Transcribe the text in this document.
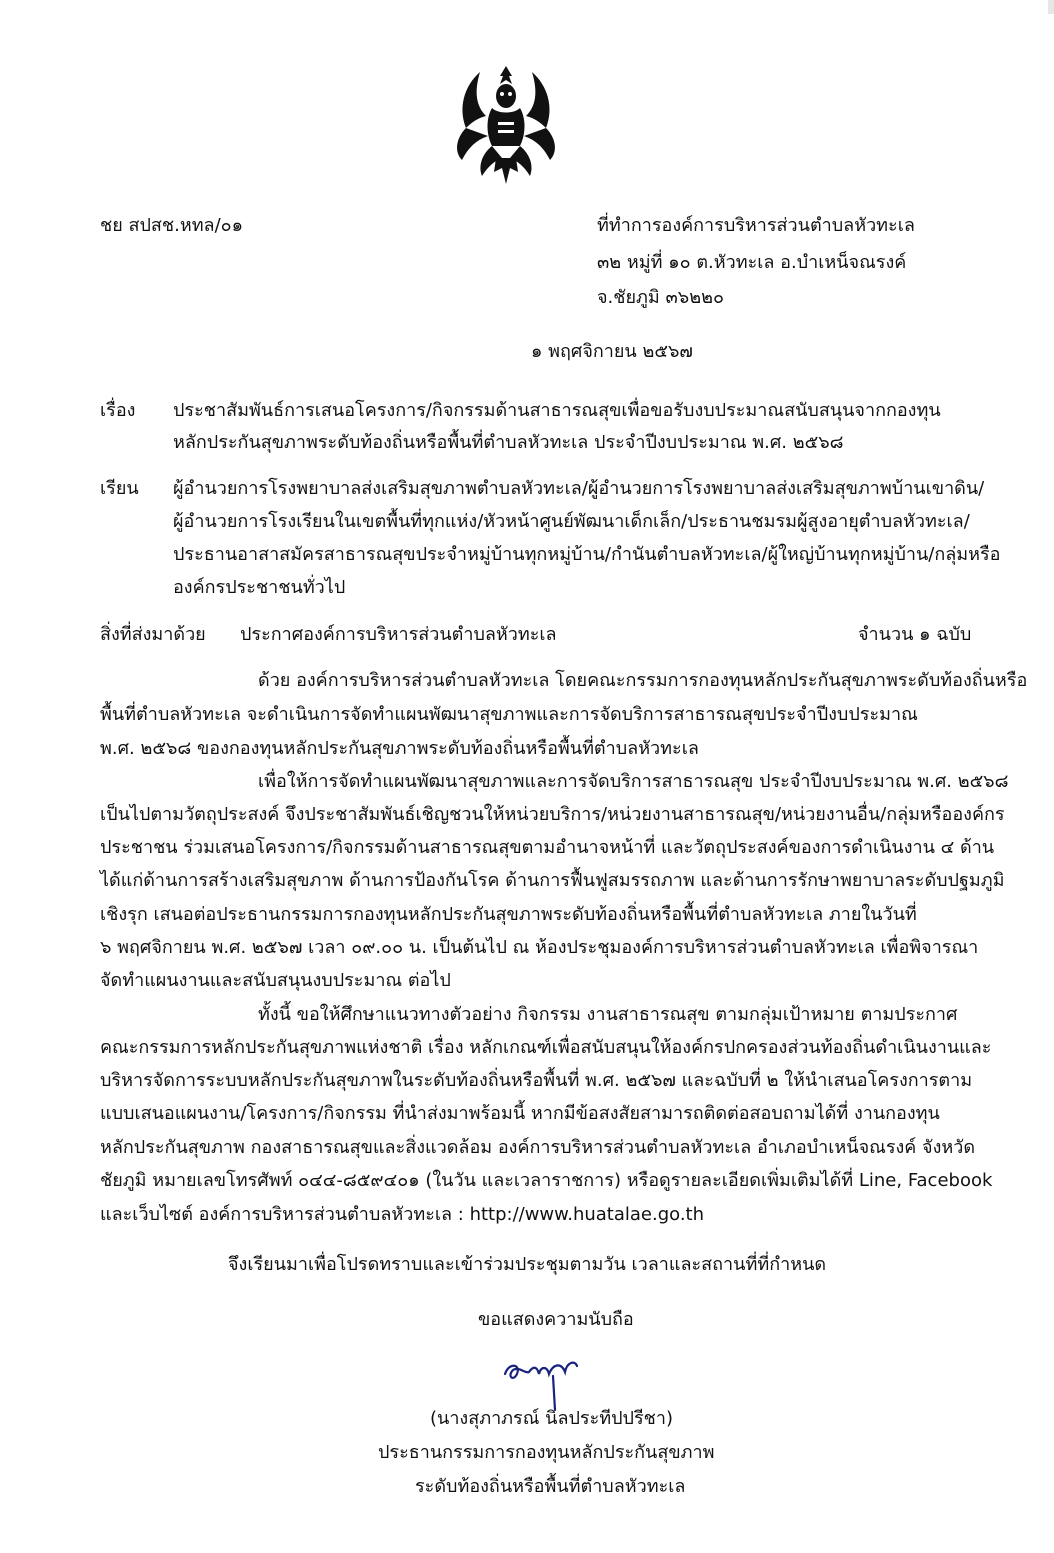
ชย สปสช.หทล/๐๑	ที่ทำการองค์การบริหารส่วนตำบลหัวทะเล
๓๒ หมู่ที่ ๑๐ ต.หัวทะเล อ.บำเหน็จณรงค์
จ.ชัยภูมิ ๓๖๒๒๐
๑ พฤศจิกายน ๒๕๖๗
เรื่อง ประชาสัมพันธ์การเสนอโครงการ/กิจกรรมด้านสาธารณสุขเพื่อขอรับงบประมาณสนับสนุนจากกองทุน
หลักประกันสุขภาพระดับท้องถิ่นหรือพื้นที่ตำบลหัวทะเล ประจำปีงบประมาณ พ.ศ. ๒๕๖๘
เรียน ผู้อำนวยการโรงพยาบาลส่งเสริมสุขภาพตำบลหัวทะเล/ผู้อำนวยการโรงพยาบาลส่งเสริมสุขภาพบ้านเขาดิน/
ผู้อำนวยการโรงเรียนในเขตพื้นที่ทุกแห่ง/หัวหน้าศูนย์พัฒนาเด็กเล็ก/ประธานชมรมผู้สูงอายุตำบลหัวทะเล/
ประธานอาสาสมัครสาธารณสุขประจำหมู่บ้านทุกหมู่บ้าน/กำนันตำบลหัวทะเล/ผู้ใหญ่บ้านทุกหมู่บ้าน/กลุ่มหรือ
องค์กรประชาชนทั่วไป
สิ่งที่ส่งมาด้วย ประกาศองค์การบริหารส่วนตำบลหัวทะเล	จำนวน ๑ ฉบับ
ด้วย องค์การบริหารส่วนตำบลหัวทะเล โดยคณะกรรมการกองทุนหลักประกันสุขภาพระดับท้องถิ่นหรือ
พื้นที่ตำบลหัวทะเล จะดำเนินการจัดทำแผนพัฒนาสุขภาพและการจัดบริการสาธารณสุขประจำปีงบประมาณ
พ.ศ. ๒๕๖๘ ของกองทุนหลักประกันสุขภาพระดับท้องถิ่นหรือพื้นที่ตำบลหัวทะเล
เพื่อให้การจัดทำแผนพัฒนาสุขภาพและการจัดบริการสาธารณสุข ประจำปีงบประมาณ พ.ศ. ๒๕๖๘
เป็นไปตามวัตถุประสงค์ จึงประชาสัมพันธ์เชิญชวนให้หน่วยบริการ/หน่วยงานสาธารณสุข/หน่วยงานอื่น/กลุ่มหรือองค์กร
ประชาชน ร่วมเสนอโครงการ/กิจกรรมด้านสาธารณสุขตามอำนาจหน้าที่ และวัตถุประสงค์ของการดำเนินงาน ๔ ด้าน
ได้แก่ด้านการสร้างเสริมสุขภาพ ด้านการป้องกันโรค ด้านการฟื้นฟูสมรรถภาพ และด้านการรักษาพยาบาลระดับปฐมภูมิ
เชิงรุก เสนอต่อประธานกรรมการกองทุนหลักประกันสุขภาพระดับท้องถิ่นหรือพื้นที่ตำบลหัวทะเล ภายในวันที่
๖ พฤศจิกายน พ.ศ. ๒๕๖๗ เวลา ๐๙.๐๐ น. เป็นต้นไป ณ ห้องประชุมองค์การบริหารส่วนตำบลหัวทะเล เพื่อพิจารณา
จัดทำแผนงานและสนับสนุนงบประมาณ ต่อไป
ทั้งนี้ ขอให้ศึกษาแนวทางตัวอย่าง กิจกรรม งานสาธารณสุข ตามกลุ่มเป้าหมาย ตามประกาศ
คณะกรรมการหลักประกันสุขภาพแห่งชาติ เรื่อง หลักเกณฑ์เพื่อสนับสนุนให้องค์กรปกครองส่วนท้องถิ่นดำเนินงานและ
บริหารจัดการระบบหลักประกันสุขภาพในระดับท้องถิ่นหรือพื้นที่ พ.ศ. ๒๕๖๗ และฉบับที่ ๒ ให้นำเสนอโครงการตาม
แบบเสนอแผนงาน/โครงการ/กิจกรรม ที่นำส่งมาพร้อมนี้ หากมีข้อสงสัยสามารถติดต่อสอบถามได้ที่ งานกองทุน
หลักประกันสุขภาพ กองสาธารณสุขและสิ่งแวดล้อม องค์การบริหารส่วนตำบลหัวทะเล อำเภอบำเหน็จณรงค์ จังหวัด
ชัยภูมิ หมายเลขโทรศัพท์ ๐๔๔-๘๕๙๔๐๑ (ในวัน และเวลาราชการ) หรือดูรายละเอียดเพิ่มเติมได้ที่ Line, Facebook
และเว็บไซต์ องค์การบริหารส่วนตำบลหัวทะเล : http://www.huatalae.go.th
จึงเรียนมาเพื่อโปรดทราบและเข้าร่วมประชุมตามวัน เวลาและสถานที่ที่กำหนด
ขอแสดงความนับถือ
(นางสุภาภรณ์ นิลประทีปปรีชา)
ประธานกรรมการกองทุนหลักประกันสุขภาพ
ระดับท้องถิ่นหรือพื้นที่ตำบลหัวทะเล
